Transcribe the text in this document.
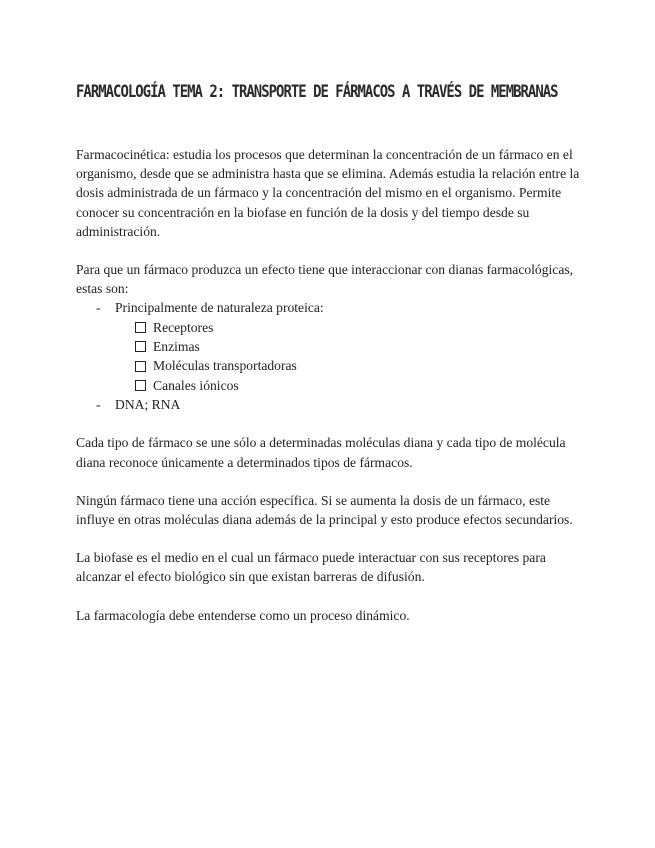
FARMACOLOGÍA TEMA 2: TRANSPORTE DE FÁRMACOS A TRAVÉS DE MEMBRANAS

Farmacocinética: estudia los procesos que determinan la concentración de un fármaco en el organismo, desde que se administra hasta que se elimina. Además estudia la relación entre la dosis administrada de un fármaco y la concentración del mismo en el organismo. Permite conocer su concentración en la biofase en función de la dosis y del tiempo desde su administración.

Para que un fármaco produzca un efecto tiene que interaccionar con dianas farmacológicas, estas son:

- Principalmente de naturaleza proteica:
Receptores
Enzimas
Moléculas transportadoras
Canales iónicos
- DNA; RNA

Cada tipo de fármaco se une sólo a determinadas moléculas diana y cada tipo de molécula diana reconoce únicamente a determinados tipos de fármacos.

Ningún fármaco tiene una acción específica. Si se aumenta la dosis de un fármaco, este influye en otras moléculas diana además de la principal y esto produce efectos secundarios.

La biofase es el medio en el cual un fármaco puede interactuar con sus receptores para alcanzar el efecto biológico sin que existan barreras de difusión.

La farmacología debe entenderse como un proceso dinámico.
